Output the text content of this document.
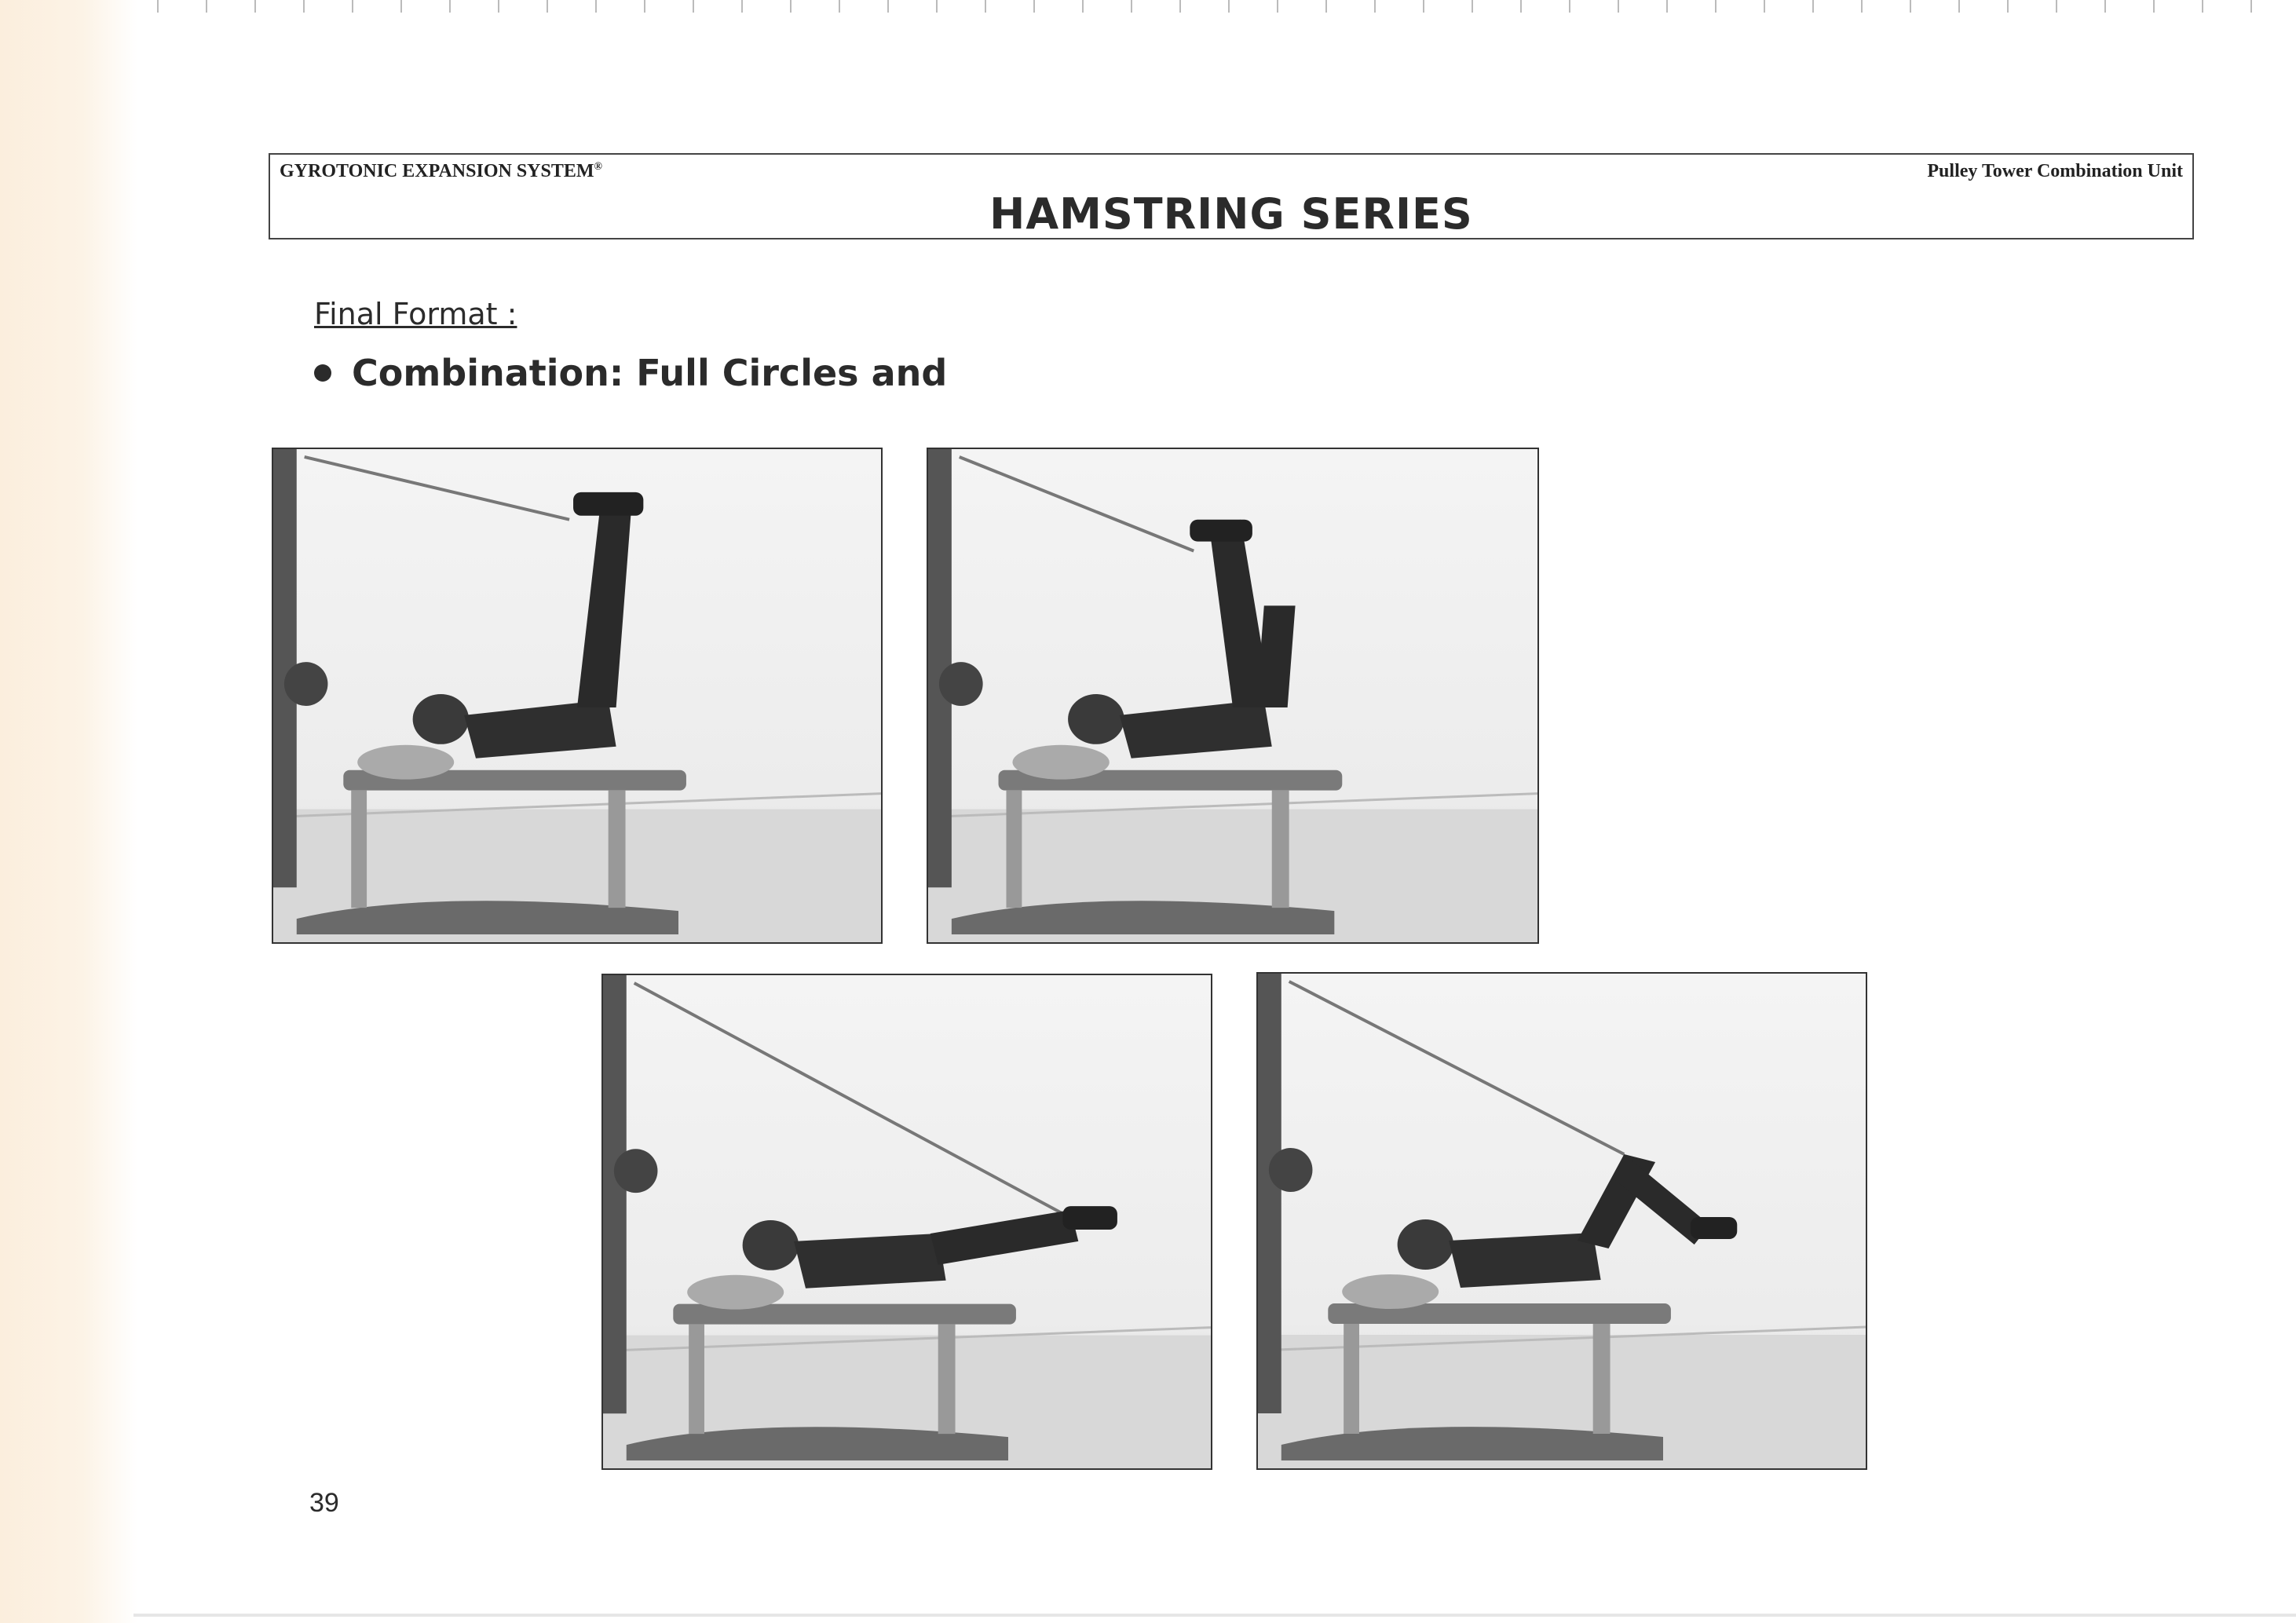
GYROTONIC EXPANSION SYSTEM®	Pulley Tower Combination Unit
HAMSTRING SERIES
Final Format :
Combination: Full Circles and
39
